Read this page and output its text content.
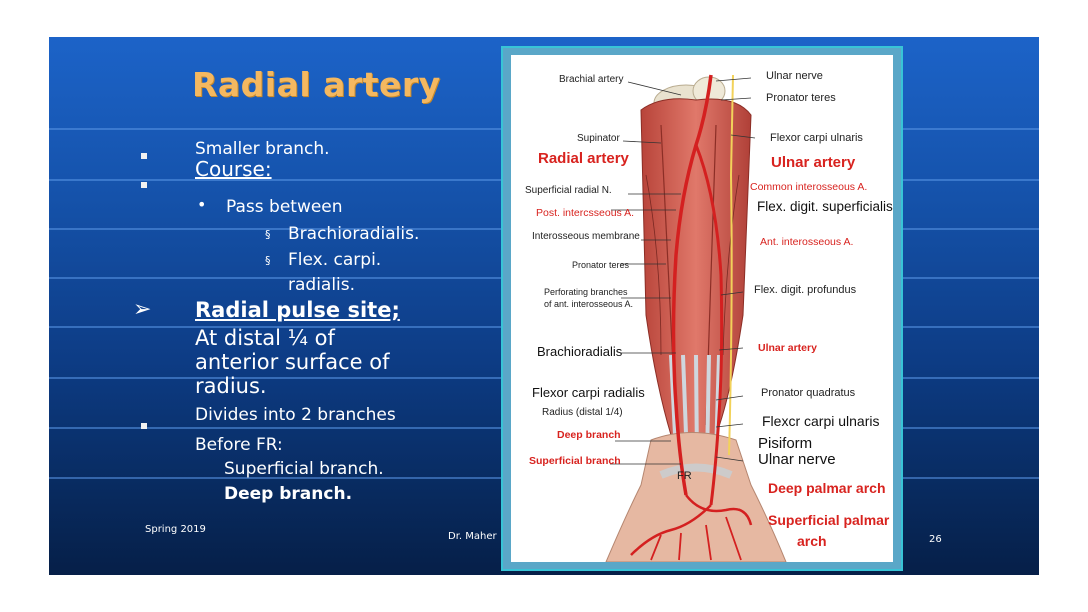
Radial artery
Smaller branch.
Course:
• Pass between
§ Brachioradialis.
§ Flex. carpi.
radialis.
➢ Radial pulse site;
At distal ¼ of
anterior surface of
radius.
Divides into 2 branches
Before FR:
Superficial branch.
Deep branch.
Spring 2019
Dr. Maher	26
Brachial artery
Supinator
Radial artery
Superficial radial N.
Post. intercsseous A.
Interosseous membrane
Pronator teres
Perforating branches
of ant. interosseous A.
Brachioradialis
Flexor carpi radialis
Radius (distal 1/4)
Deep branch
Superficial branch
FR
Ulnar nerve
Pronator teres
Flexor carpi ulnaris
Ulnar artery
Common interosseous A.
Flex. digit. superficialis
Ant. interosseous A.
Flex. digit. profundus
Ulnar artery
Pronator quadratus
Flexcr carpi ulnaris
Pisiform
Ulnar nerve
Deep palmar arch
Superficial palmar
arch
